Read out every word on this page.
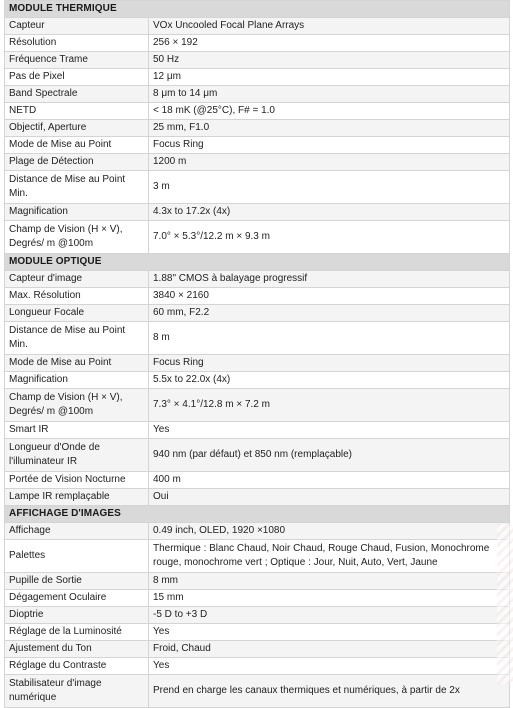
MODULE THERMIQUE	
Capteur	VOx Uncooled Focal Plane Arrays
Résolution	256 × 192
Fréquence Trame	50 Hz
Pas de Pixel	12 μm
Band Spectrale	8 μm to 14 μm
NETD	< 18 mK (@25°C), F# = 1.0
Objectif, Aperture	25 mm, F1.0
Mode de Mise au Point	Focus Ring
Plage de Détection	1200 m
Distance de Mise au Point Min.	3 m
Magnification	4.3x to 17.2x (4x)
Champ de Vision (H × V), Degrés/ m @100m	7.0° × 5.3°/12.2 m × 9.3 m
MODULE OPTIQUE	
Capteur d'image	1.88" CMOS à balayage progressif
Max. Résolution	3840 × 2160
Longueur Focale	60 mm, F2.2
Distance de Mise au Point Min.	8 m
Mode de Mise au Point	Focus Ring
Magnification	5.5x to 22.0x (4x)
Champ de Vision (H × V), Degrés/ m @100m	7.3° × 4.1°/12.8 m × 7.2 m
Smart IR	Yes
Longueur d'Onde de l'illuminateur IR	940 nm (par défaut) et 850 nm (remplaçable)
Portée de Vision Nocturne	400 m
Lampe IR remplaçable	Oui
AFFICHAGE D'IMAGES	
Affichage	0.49 inch, OLED, 1920 ×1080
Palettes	Thermique : Blanc Chaud, Noir Chaud, Rouge Chaud, Fusion, Monochrome rouge, monochrome vert ; Optique : Jour, Nuit, Auto, Vert, Jaune
Pupille de Sortie	8 mm
Dégagement Oculaire	15 mm
Dioptrie	-5 D to +3 D
Réglage de la Luminosité	Yes
Ajustement du Ton	Froid, Chaud
Réglage du Contraste	Yes
Stabilisateur d'image numérique	Prend en charge les canaux thermiques et numériques, à partir de 2x
